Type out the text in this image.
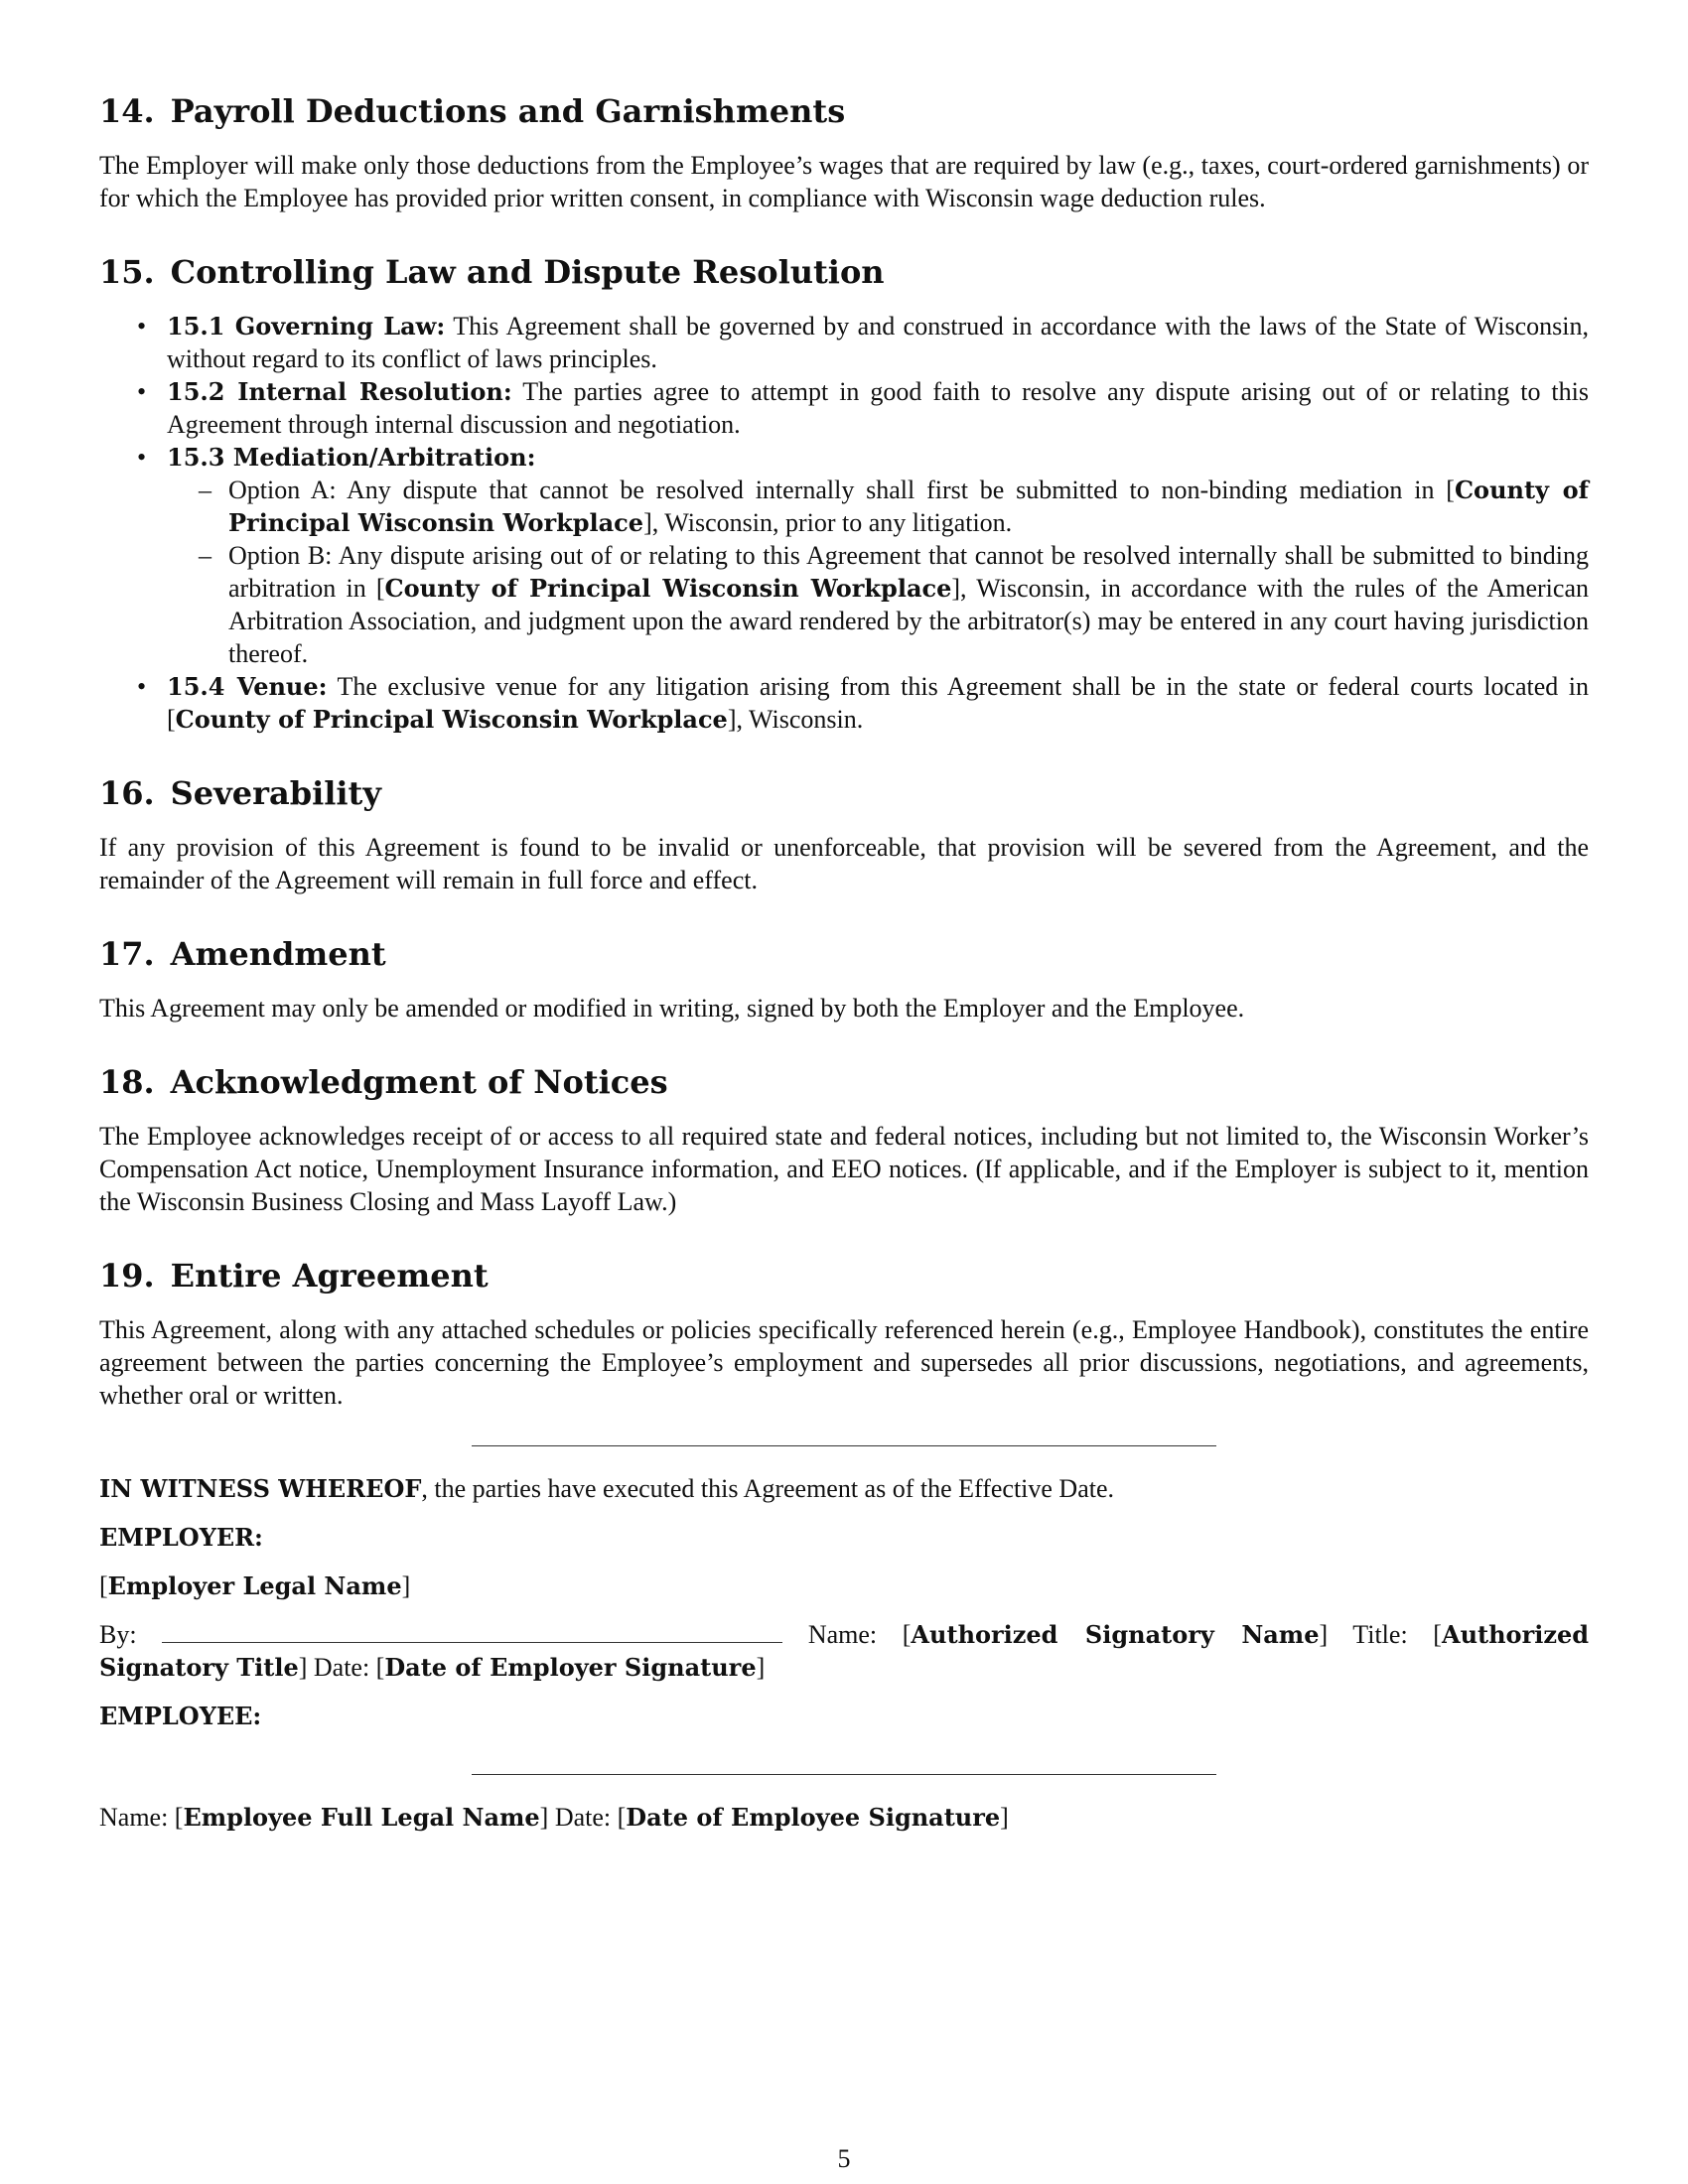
14. Payroll Deductions and Garnishments

The Employer will make only those deductions from the Employee’s wages that are required by law (e.g., taxes, court-ordered garnishments) or for which the Employee has provided prior written consent, in compliance with Wisconsin wage deduction rules.

15. Controlling Law and Dispute Resolution
• 15.1 Governing Law: This Agreement shall be governed by and construed in accordance with the laws of the State of Wisconsin, without regard to its conflict of laws principles.
• 15.2 Internal Resolution: The parties agree to attempt in good faith to resolve any dispute arising out of or relating to this Agreement through internal discussion and negotiation.
• 15.3 Mediation/Arbitration:
– Option A: Any dispute that cannot be resolved internally shall first be submitted to non-binding mediation in [County of Principal Wisconsin Workplace], Wisconsin, prior to any litigation.
– Option B: Any dispute arising out of or relating to this Agreement that cannot be resolved internally shall be submitted to binding arbitration in [County of Principal Wisconsin Workplace], Wisconsin, in accordance with the rules of the American Arbitration Association, and judgment upon the award rendered by the arbitrator(s) may be entered in any court having jurisdiction thereof.
• 15.4 Venue: The exclusive venue for any litigation arising from this Agreement shall be in the state or federal courts located in [County of Principal Wisconsin Workplace], Wisconsin.
16. Severability

If any provision of this Agreement is found to be invalid or unenforceable, that provision will be severed from the Agreement, and the remainder of the Agreement will remain in full force and effect.

17. Amendment

This Agreement may only be amended or modified in writing, signed by both the Employer and the Employee.

18. Acknowledgment of Notices

The Employee acknowledges receipt of or access to all required state and federal notices, including but not limited to, the Wisconsin Worker’s Compensation Act notice, Unemployment Insurance information, and EEO notices. (If applicable, and if the Employer is subject to it, mention the Wisconsin Business Closing and Mass Layoff Law.)

19. Entire Agreement

This Agreement, along with any attached schedules or policies specifically referenced herein (e.g., Employee Handbook), constitutes the entire agreement between the parties concerning the Employee’s employment and supersedes all prior discussions, negotiations, and agreements, whether oral or written.

IN WITNESS WHEREOF, the parties have executed this Agreement as of the Effective Date.

EMPLOYER:

[Employer Legal Name]

By:	Name: [Authorized Signatory Name] Title: [Authorized Signatory Title] Date: [Date of Employer Signature]

EMPLOYEE:

Name: [Employee Full Legal Name] Date: [Date of Employee Signature]

5
